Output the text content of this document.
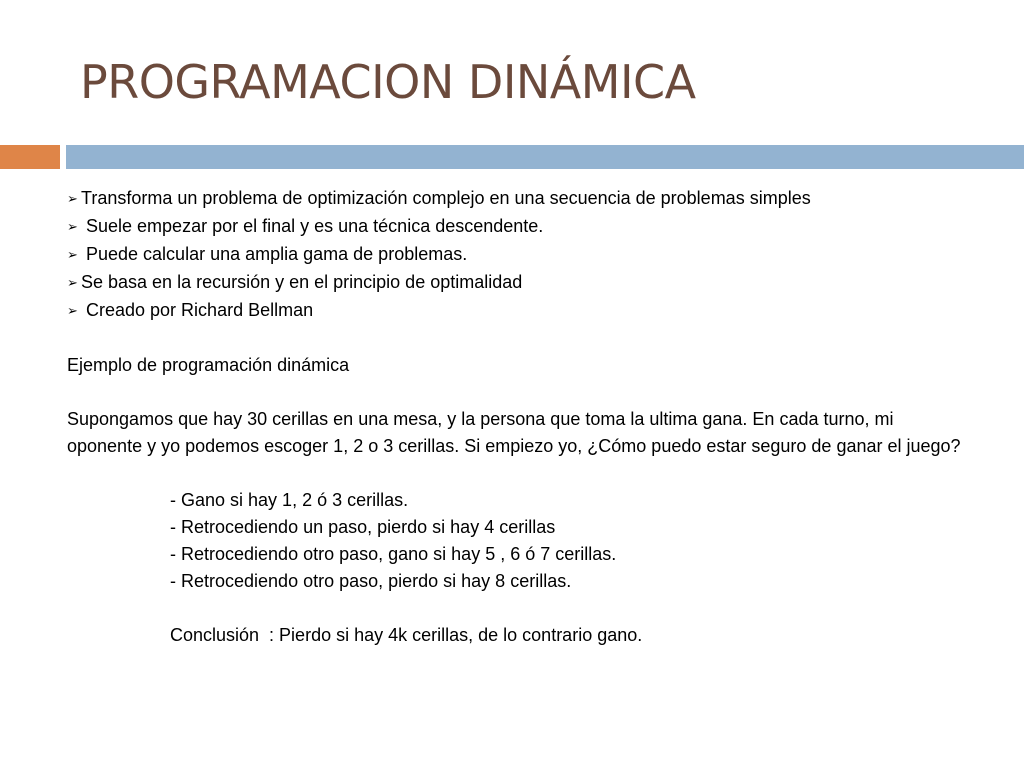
PROGRAMACION DINÁMICA

➢ Transforma un problema de optimización complejo en una secuencia de problemas simples

➢ Suele empezar por el final y es una técnica descendente.

➢ Puede calcular una amplia gama de problemas.

➢ Se basa en la recursión y en el principio de optimalidad

➢ Creado por Richard Bellman

Ejemplo de programación dinámica

Supongamos que hay 30 cerillas en una mesa, y la persona que toma la ultima gana. En cada turno, mi oponente y yo podemos escoger 1, 2 o 3 cerillas. Si empiezo yo, ¿Cómo puedo estar seguro de ganar el juego?

- Gano si hay 1, 2 ó 3 cerillas.

- Retrocediendo un paso, pierdo si hay 4 cerillas

- Retrocediendo otro paso, gano si hay 5 , 6 ó 7 cerillas.

- Retrocediendo otro paso, pierdo si hay 8 cerillas.

Conclusión  : Pierdo si hay 4k cerillas, de lo contrario gano.
